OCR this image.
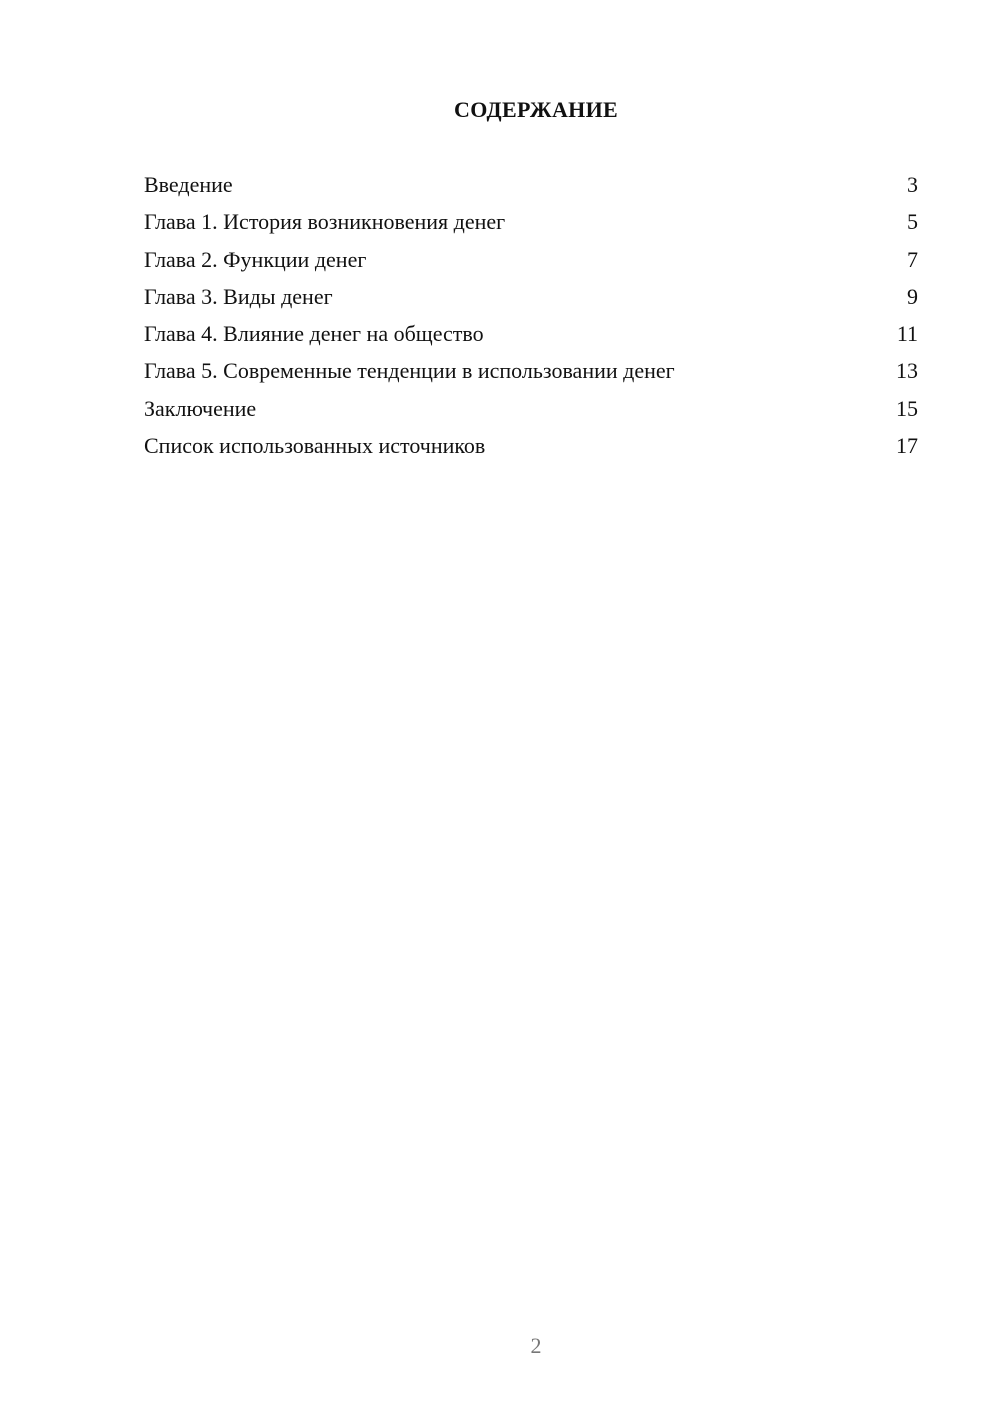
СОДЕРЖАНИЕ
Введение	3
Глава 1. История возникновения денег	5
Глава 2. Функции денег	7
Глава 3. Виды денег	9
Глава 4. Влияние денег на общество	11
Глава 5. Современные тенденции в использовании денег	13
Заключение	15
Список использованных источников	17
2
